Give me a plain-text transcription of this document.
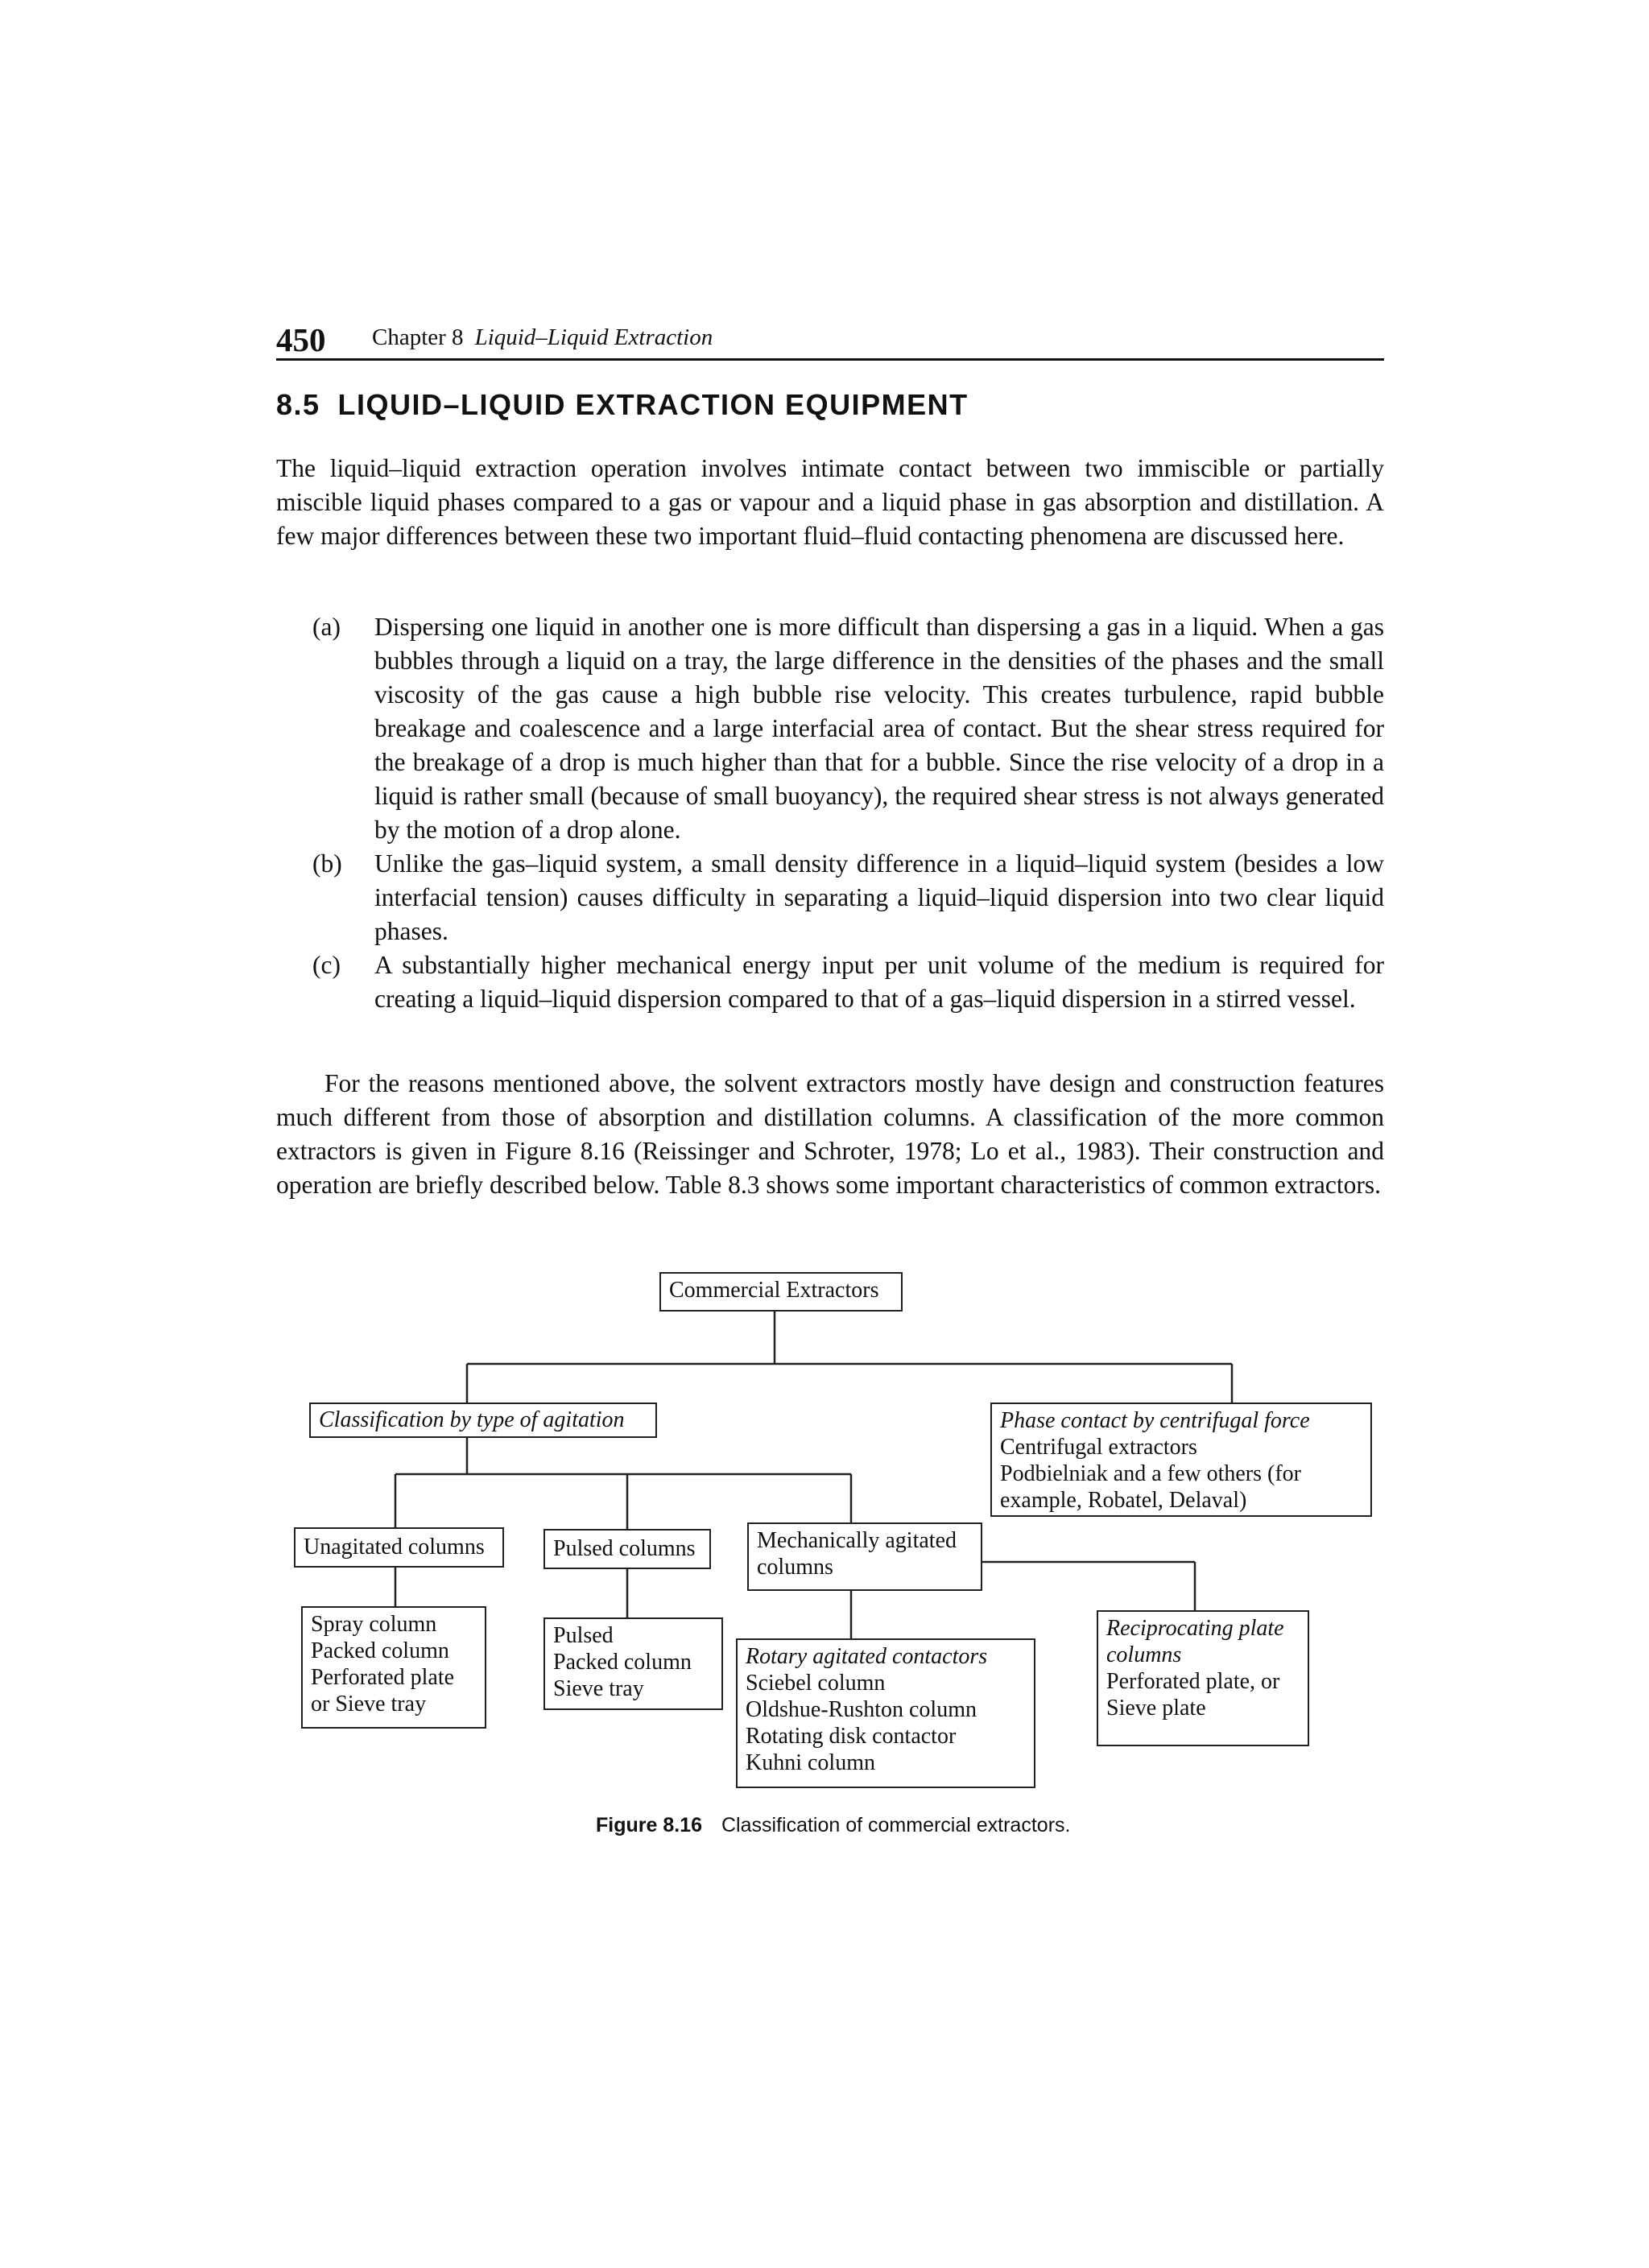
450 Chapter 8 Liquid–Liquid Extraction
8.5 LIQUID–LIQUID EXTRACTION EQUIPMENT

The liquid–liquid extraction operation involves intimate contact between two immiscible or partially miscible liquid phases compared to a gas or vapour and a liquid phase in gas absorption and distillation. A few major differences between these two important fluid–fluid contacting phenomena are discussed here.

(a) Dispersing one liquid in another one is more difficult than dispersing a gas in a liquid. When a gas bubbles through a liquid on a tray, the large difference in the densities of the phases and the small viscosity of the gas cause a high bubble rise velocity. This creates turbulence, rapid bubble breakage and coalescence and a large interfacial area of contact. But the shear stress required for the breakage of a drop is much higher than that for a bubble. Since the rise velocity of a drop in a liquid is rather small (because of small buoyancy), the required shear stress is not always generated by the motion of a drop alone.
(b) Unlike the gas–liquid system, a small density difference in a liquid–liquid system (besides a low interfacial tension) causes difficulty in separating a liquid–liquid dispersion into two clear liquid phases.
(c) A substantially higher mechanical energy input per unit volume of the medium is required for creating a liquid–liquid dispersion compared to that of a gas–liquid dispersion in a stirred vessel.

For the reasons mentioned above, the solvent extractors mostly have design and construction features much different from those of absorption and distillation columns. A classification of the more common extractors is given in Figure 8.16 (Reissinger and Schroter, 1978; Lo et al., 1983). Their construction and operation are briefly described below. Table 8.3 shows some important characteristics of common extractors.

Commercial Extractors
Classification by type of agitation	Phase contact by centrifugal force
Centrifugal extractors
Podbielniak and a few others (for
example, Robatel, Delaval)
Unagitated columns	Pulsed columns	Mechanically agitated
columns
Spray column
Packed column
Perforated plate
or Sieve tray
Pulsed
Packed column
Sieve tray
Rotary agitated contactors
Sciebel column
Oldshue-Rushton column
Rotating disk contactor
Kuhni column
Reciprocating plate
columns
Perforated plate, or
Sieve plate
Figure 8.16 Classification of commercial extractors.
